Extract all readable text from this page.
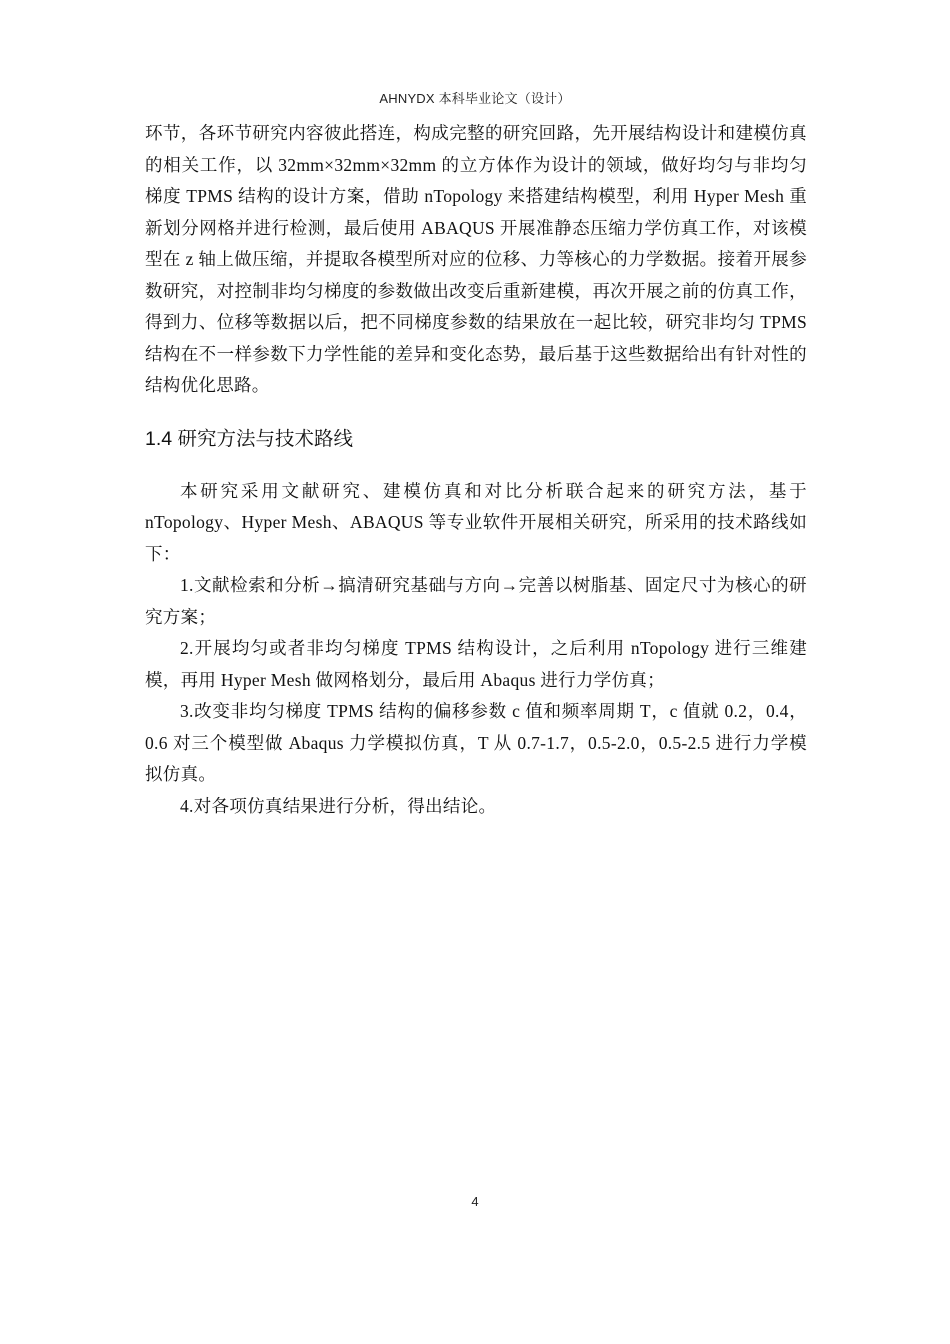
AHNYDX 本科毕业论文（设计）

环节，各环节研究内容彼此搭连，构成完整的研究回路，先开展结构设计和建模仿真的相关工作，以 32mm×32mm×32mm 的立方体作为设计的领域，做好均匀与非均匀梯度 TPMS 结构的设计方案，借助 nTopology 来搭建结构模型，利用 Hyper Mesh 重新划分网格并进行检测，最后使用 ABAQUS 开展准静态压缩力学仿真工作，对该模型在 z 轴上做压缩，并提取各模型所对应的位移、力等核心的力学数据。接着开展参数研究，对控制非均匀梯度的参数做出改变后重新建模，再次开展之前的仿真工作，得到力、位移等数据以后，把不同梯度参数的结果放在一起比较，研究非均匀 TPMS 结构在不一样参数下力学性能的差异和变化态势，最后基于这些数据给出有针对性的结构优化思路。

1.4 研究方法与技术路线

本研究采用文献研究、建模仿真和对比分析联合起来的研究方法，基于 nTopology、Hyper Mesh、ABAQUS 等专业软件开展相关研究，所采用的技术路线如下：

1.文献检索和分析→搞清研究基础与方向→完善以树脂基、固定尺寸为核心的研究方案；
2.开展均匀或者非均匀梯度 TPMS 结构设计，之后利用 nTopology 进行三维建模，再用 Hyper Mesh 做网格划分，最后用 Abaqus 进行力学仿真；
3.改变非均匀梯度 TPMS 结构的偏移参数 c 值和频率周期 T，c 值就 0.2，0.4，0.6 对三个模型做 Abaqus 力学模拟仿真，T 从 0.7-1.7，0.5-2.0，0.5-2.5 进行力学模拟仿真。
4.对各项仿真结果进行分析，得出结论。
4
